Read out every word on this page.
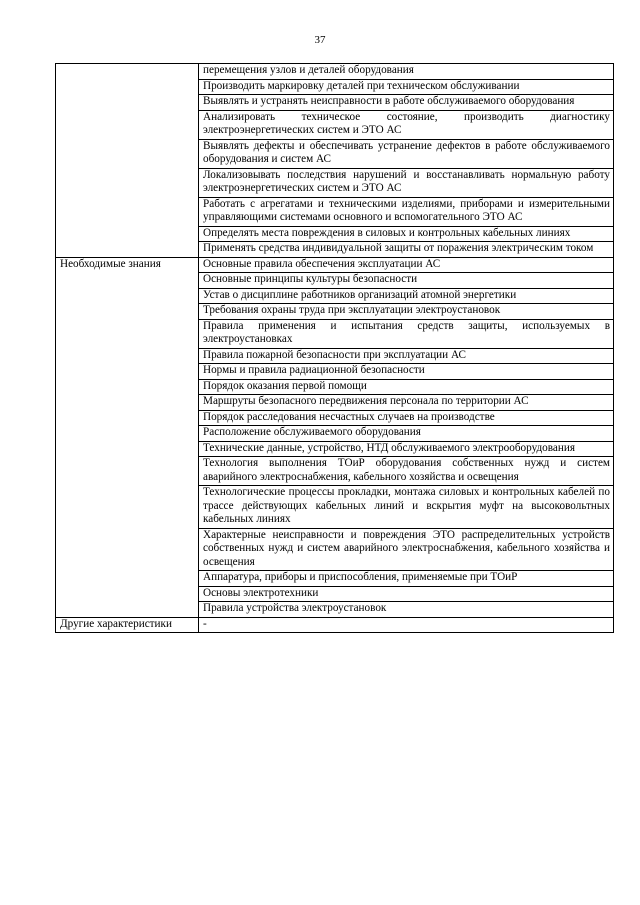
37
	перемещения узлов и деталей оборудования
	Производить маркировку деталей при техническом обслуживании
	Выявлять и устранять неисправности в работе обслуживаемого оборудования
	Анализировать техническое состояние, производить диагностику электроэнергетических систем и ЭТО АС
	Выявлять дефекты и обеспечивать устранение дефектов в работе обслуживаемого оборудования и систем АС
	Локализовывать последствия нарушений и восстанавливать нормальную работу электроэнергетических систем и ЭТО АС
	Работать с агрегатами и техническими изделиями, приборами и измерительными управляющими системами основного и вспомогательного ЭТО АС
	Определять места повреждения в силовых и контрольных кабельных линиях
	Применять средства индивидуальной защиты от поражения электрическим током
Необходимые знания	Основные правила обеспечения эксплуатации АС
	Основные принципы культуры безопасности
	Устав о дисциплине работников организаций атомной энергетики
	Требования охраны труда при эксплуатации электроустановок
	Правила применения и испытания средств защиты, используемых в электроустановках
	Правила пожарной безопасности при эксплуатации АС
	Нормы и правила радиационной безопасности
	Порядок оказания первой помощи
	Маршруты безопасного передвижения персонала по территории АС
	Порядок расследования несчастных случаев на производстве
	Расположение обслуживаемого оборудования
	Технические данные, устройство, НТД обслуживаемого электрооборудования
	Технология выполнения ТОиР оборудования собственных нужд и систем аварийного электроснабжения, кабельного хозяйства и освещения
	Технологические процессы прокладки, монтажа силовых и контрольных кабелей по трассе действующих кабельных линий и вскрытия муфт на высоковольтных кабельных линиях
	Характерные неисправности и повреждения ЭТО распределительных устройств собственных нужд и систем аварийного электроснабжения, кабельного хозяйства и освещения
	Аппаратура, приборы и приспособления, применяемые при ТОиР
	Основы электротехники
	Правила устройства электроустановок
Другие характеристики	-
